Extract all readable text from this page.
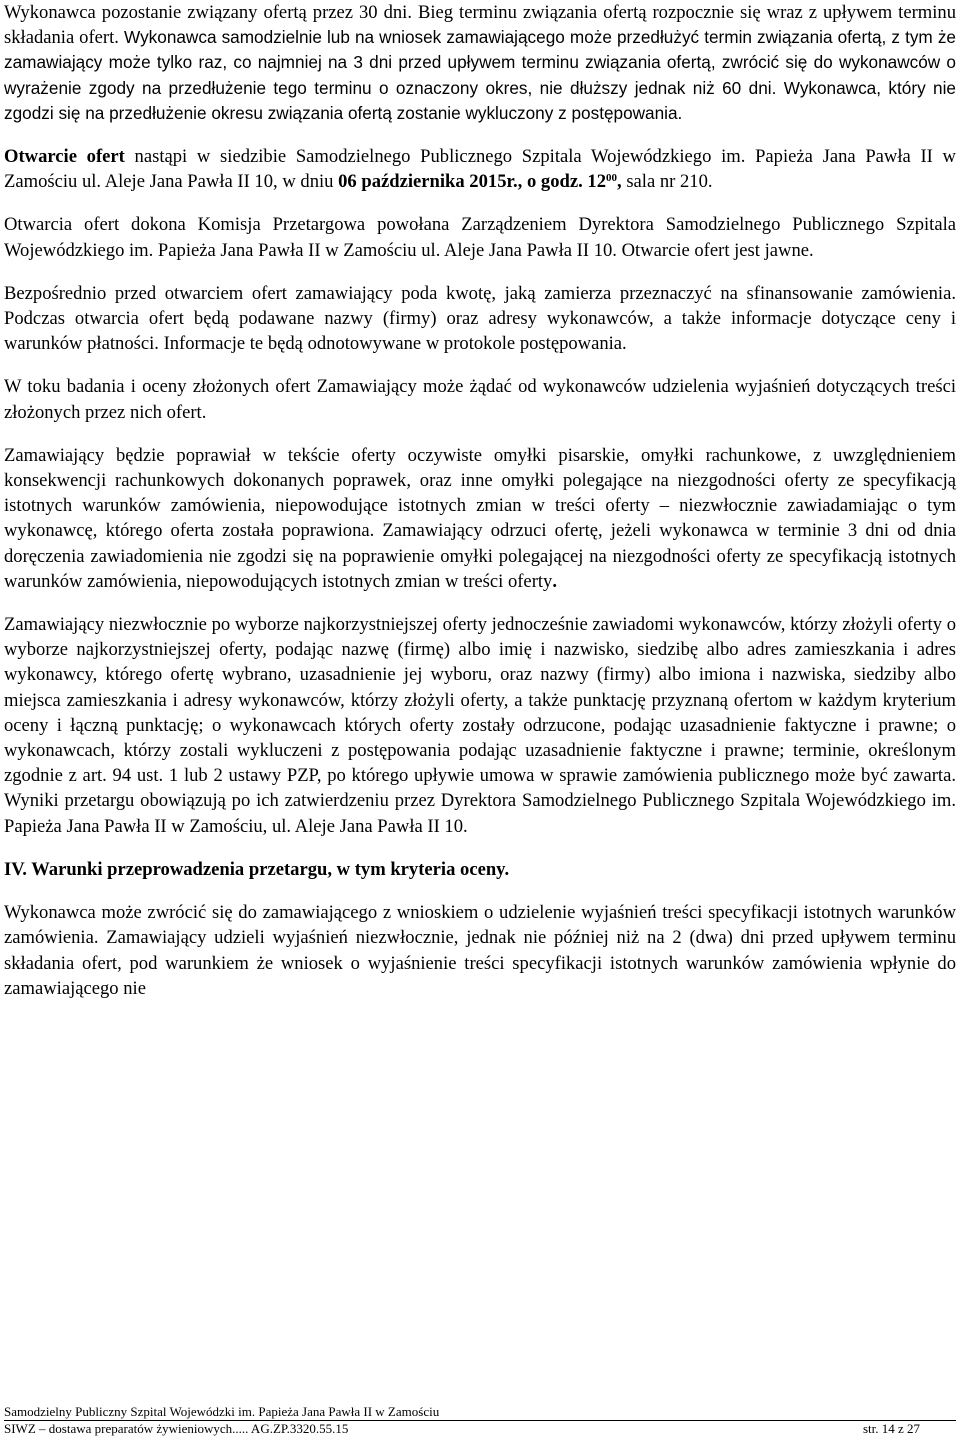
Wykonawca pozostanie związany ofertą przez 30 dni. Bieg terminu związania ofertą rozpocznie się wraz z upływem terminu składania ofert. Wykonawca samodzielnie lub na wniosek zamawiającego może przedłużyć termin związania ofertą, z tym że zamawiający może tylko raz, co najmniej na 3 dni przed upływem terminu związania ofertą, zwrócić się do wykonawców o wyrażenie zgody na przedłużenie tego terminu o oznaczony okres, nie dłuższy jednak niż 60 dni. Wykonawca, który nie zgodzi się na przedłużenie okresu związania ofertą zostanie wykluczony z postępowania.

Otwarcie ofert nastąpi w siedzibie Samodzielnego Publicznego Szpitala Wojewódzkiego im. Papieża Jana Pawła II w Zamościu ul. Aleje Jana Pawła II 10, w dniu 06 października 2015r., o godz. $12^{00}$, sala nr 210.

Otwarcia ofert dokona Komisja Przetargowa powołana Zarządzeniem Dyrektora Samodzielnego Publicznego Szpitala Wojewódzkiego im. Papieża Jana Pawła II w Zamościu ul. Aleje Jana Pawła II 10. Otwarcie ofert jest jawne.

Bezpośrednio przed otwarciem ofert zamawiający poda kwotę, jaką zamierza przeznaczyć na sfinansowanie zamówienia. Podczas otwarcia ofert będą podawane nazwy (firmy) oraz adresy wykonawców, a także informacje dotyczące ceny i warunków płatności. Informacje te będą odnotowywane w protokole postępowania.

W toku badania i oceny złożonych ofert Zamawiający może żądać od wykonawców udzielenia wyjaśnień dotyczących treści złożonych przez nich ofert.

Zamawiający będzie poprawiał w tekście oferty oczywiste omyłki pisarskie, omyłki rachunkowe, z uwzględnieniem konsekwencji rachunkowych dokonanych poprawek, oraz inne omyłki polegające na niezgodności oferty ze specyfikacją istotnych warunków zamówienia, niepowodujące istotnych zmian w treści oferty – niezwłocznie zawiadamiając o tym wykonawcę, którego oferta została poprawiona. Zamawiający odrzuci ofertę, jeżeli wykonawca w terminie 3 dni od dnia doręczenia zawiadomienia nie zgodzi się na poprawienie omyłki polegającej na niezgodności oferty ze specyfikacją istotnych warunków zamówienia, niepowodujących istotnych zmian w treści oferty.

Zamawiający niezwłocznie po wyborze najkorzystniejszej oferty jednocześnie zawiadomi wykonawców, którzy złożyli oferty o wyborze najkorzystniejszej oferty, podając nazwę (firmę) albo imię i nazwisko, siedzibę albo adres zamieszkania i adres wykonawcy, którego ofertę wybrano, uzasadnienie jej wyboru, oraz nazwy (firmy) albo imiona i nazwiska, siedziby albo miejsca zamieszkania i adresy wykonawców, którzy złożyli oferty, a także punktację przyznaną ofertom w każdym kryterium oceny i łączną punktację; o wykonawcach których oferty zostały odrzucone, podając uzasadnienie faktyczne i prawne; o wykonawcach, którzy zostali wykluczeni z postępowania podając uzasadnienie faktyczne i prawne; terminie, określonym zgodnie z art. 94 ust. 1 lub 2 ustawy PZP, po którego upływie umowa w sprawie zamówienia publicznego może być zawarta. Wyniki przetargu obowiązują po ich zatwierdzeniu przez Dyrektora Samodzielnego Publicznego Szpitala Wojewódzkiego im. Papieża Jana Pawła II w Zamościu, ul. Aleje Jana Pawła II 10.

IV. Warunki przeprowadzenia przetargu, w tym kryteria oceny.

Wykonawca może zwrócić się do zamawiającego z wnioskiem o udzielenie wyjaśnień treści specyfikacji istotnych warunków zamówienia. Zamawiający udzieli wyjaśnień niezwłocznie, jednak nie później niż na 2 (dwa) dni przed upływem terminu składania ofert, pod warunkiem że wniosek o wyjaśnienie treści specyfikacji istotnych warunków zamówienia wpłynie do zamawiającego nie

Samodzielny Publiczny Szpital Wojewódzki im. Papieża Jana Pawła II w Zamościu
SIWZ – dostawa preparatów żywieniowych..... AG.ZP.3320.55.15	str. 14 z 27
